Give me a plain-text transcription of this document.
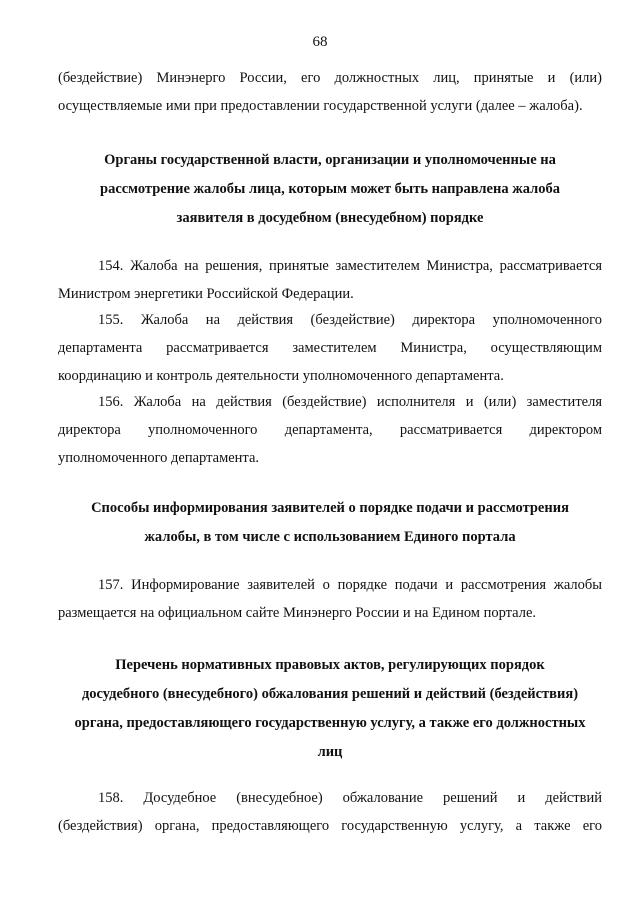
68
(бездействие) Минэнерго России, его должностных лиц, принятые и (или)
осуществляемые ими при предоставлении государственной услуги (далее – жалоба).
Органы государственной власти, организации и уполномоченные на
рассмотрение жалобы лица, которым может быть направлена жалоба
заявителя в досудебном (внесудебном) порядке
154. Жалоба на решения, принятые заместителем Министра, рассматривается
Министром энергетики Российской Федерации.
155. Жалоба на действия (бездействие) директора уполномоченного
департамента рассматривается заместителем Министра, осуществляющим
координацию и контроль деятельности уполномоченного департамента.
156. Жалоба на действия (бездействие) исполнителя и (или) заместителя
директора уполномоченного департамента, рассматривается директором
уполномоченного департамента.
Способы информирования заявителей о порядке подачи и рассмотрения
жалобы, в том числе с использованием Единого портала
157. Информирование заявителей о порядке подачи и рассмотрения жалобы
размещается на официальном сайте Минэнерго России и на Едином портале.
Перечень нормативных правовых актов, регулирующих порядок
досудебного (внесудебного) обжалования решений и действий (бездействия)
органа, предоставляющего государственную услугу, а также его должностных
лиц
158. Досудебное (внесудебное) обжалование решений и действий
(бездействия) органа, предоставляющего государственную услугу, а также его
